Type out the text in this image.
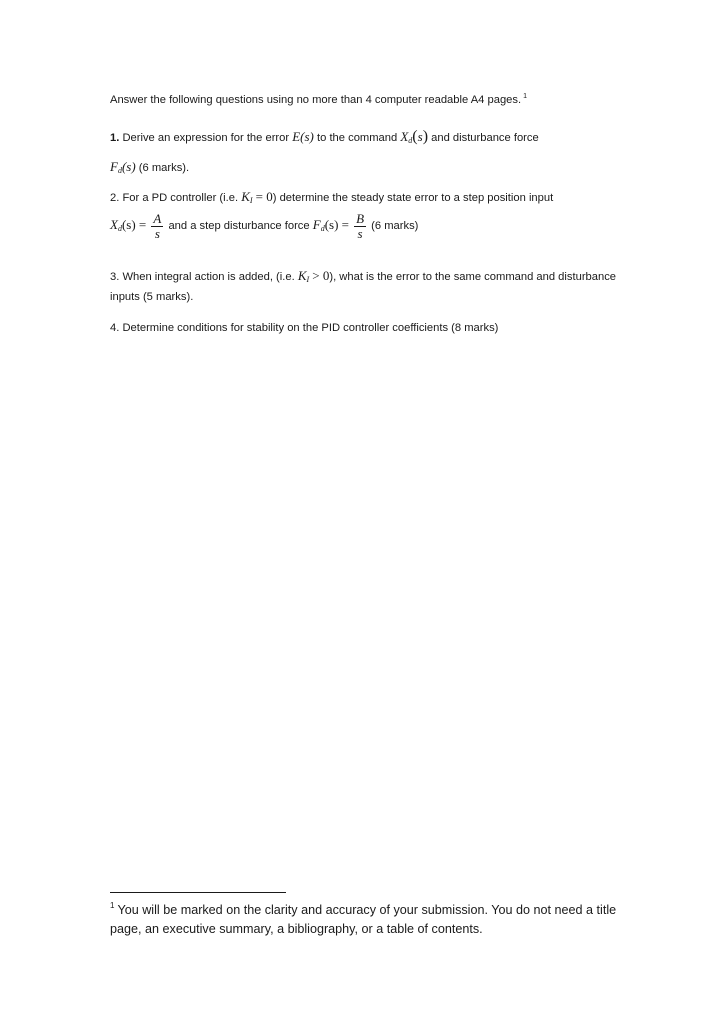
Answer the following questions using no more than 4 computer readable A4 pages. $^1$
1. Derive an expression for the error E(s) to the command $X_d(s)$ and disturbance force
$F_d(s)$ (6 marks).
2. For a PD controller (i.e. $K_I = 0$) determine the steady state error to a step position input
$X_d(s) = \frac{A}{s}$ and a step disturbance force $F_d(s) = \frac{B}{s} (6$ marks)
3. When integral action is added, (i.e. $K_I > 0$), what is the error to the same command and disturbance inputs (5 marks).
4. Determine conditions for stability on the PID controller coefficients (8 marks)
$^1$ You will be marked on the clarity and accuracy of your submission. You do not need a title page, an executive summary, a bibliography, or a table of contents.
